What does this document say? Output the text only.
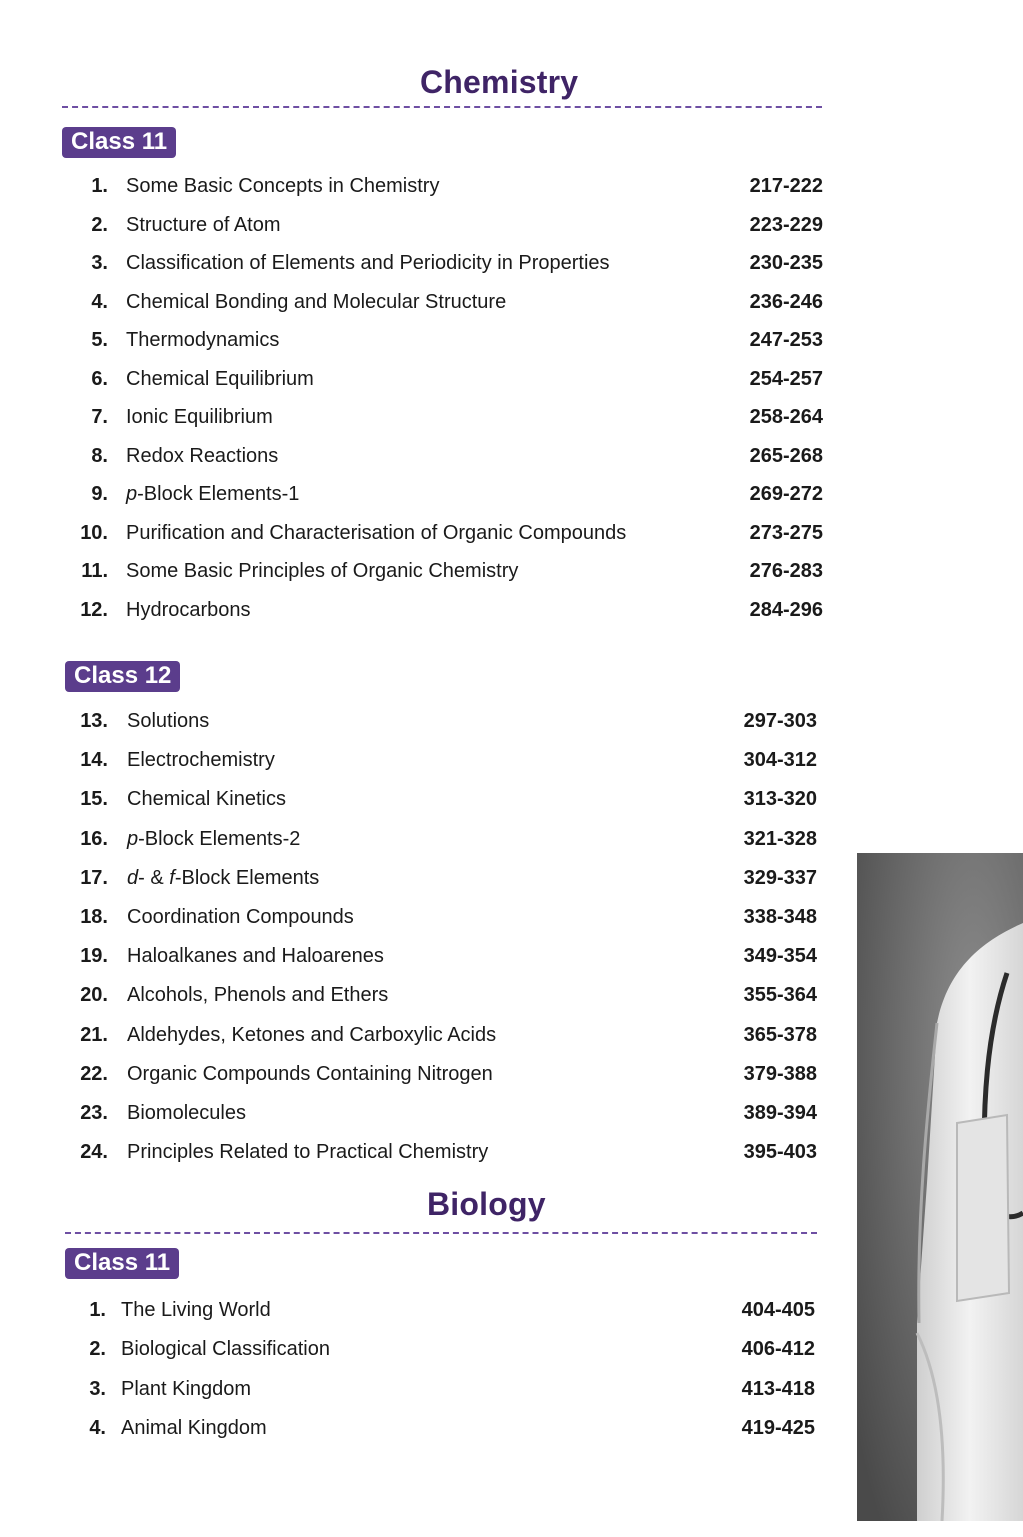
Chemistry
Class 11
1. Some Basic Concepts in Chemistry	217-222
2. Structure of Atom	223-229
3. Classification of Elements and Periodicity in Properties	230-235
4. Chemical Bonding and Molecular Structure	236-246
5. Thermodynamics	247-253
6. Chemical Equilibrium	254-257
7. Ionic Equilibrium	258-264
8. Redox Reactions	265-268
9. p-Block Elements-1	269-272
10. Purification and Characterisation of Organic Compounds	273-275
11. Some Basic Principles of Organic Chemistry	276-283
12. Hydrocarbons	284-296
Class 12
13. Solutions	297-303
14. Electrochemistry	304-312
15. Chemical Kinetics	313-320
16. p-Block Elements-2	321-328
17. d- & f-Block Elements	329-337
18. Coordination Compounds	338-348
19. Haloalkanes and Haloarenes	349-354
20. Alcohols, Phenols and Ethers	355-364
21. Aldehydes, Ketones and Carboxylic Acids	365-378
22. Organic Compounds Containing Nitrogen	379-388
23. Biomolecules	389-394
24. Principles Related to Practical Chemistry	395-403
Biology
Class 11
1. The Living World	404-405
2. Biological Classification	406-412
3. Plant Kingdom	413-418
4. Animal Kingdom	419-425
